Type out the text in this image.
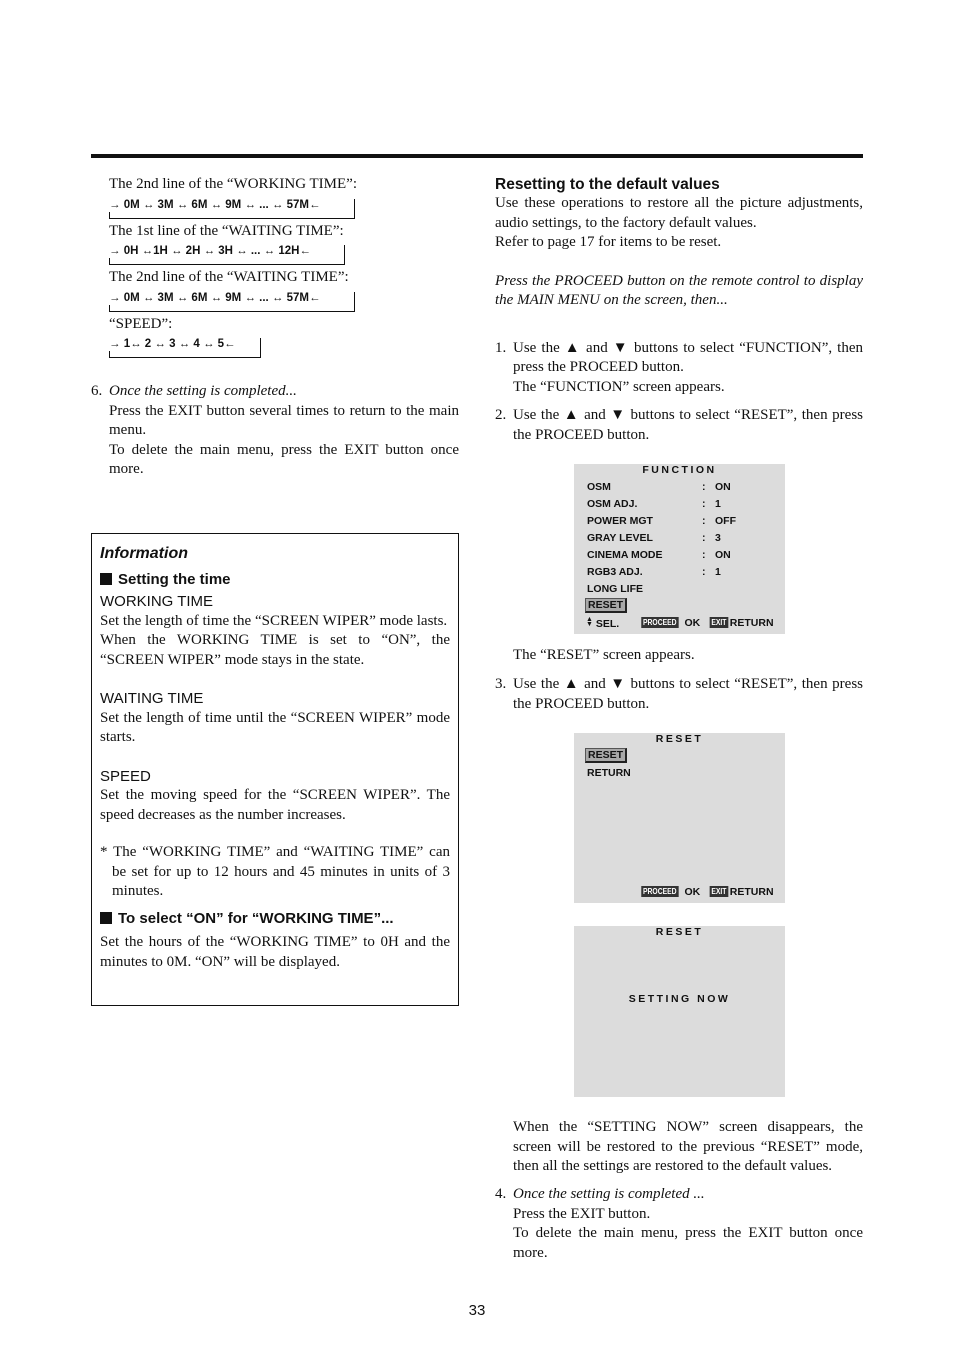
The 2nd line of the “WORKING TIME”:
→ 0M ↔ 3M ↔ 6M ↔ 9M ↔ ... ↔ 57M←
The 1st line of the “WAITING TIME”:
→ 0H ↔1H ↔ 2H ↔ 3H ↔ ... ↔ 12H←
The 2nd line of the “WAITING TIME”:
→ 0M ↔ 3M ↔ 6M ↔ 9M ↔ ... ↔ 57M←
“SPEED”:
→ 1↔ 2 ↔ 3 ↔ 4 ↔ 5←
6. Once the setting is completed...
Press the EXIT button several times to return to the main menu.
To delete the main menu, press the EXIT button once more.
Information
Setting the time
WORKING TIME
Set the length of time the “SCREEN WIPER” mode lasts.
When the WORKING TIME is set to “ON”, the “SCREEN WIPER” mode stays in the state.
WAITING TIME
Set the length of time until the “SCREEN WIPER” mode starts.
SPEED
Set the moving speed for the “SCREEN WIPER”. The speed decreases as the number increases.
* The “WORKING TIME” and “WAITING TIME” can be set for up to 12 hours and 45 minutes in units of 3 minutes.
To select “ON” for “WORKING TIME”...
Set the hours of the “WORKING TIME” to 0H and the minutes to 0M. “ON” will be displayed.
Resetting to the default values
Use these operations to restore all the picture adjustments, audio settings, to the factory default values.
Refer to page 17 for items to be reset.
Press the PROCEED button on the remote control to display the MAIN MENU on the screen, then...
1. Use the ▲ and ▼ buttons to select “FUNCTION”, then press the PROCEED button.
The “FUNCTION” screen appears.
2. Use the ▲ and ▼ buttons to select “RESET”, then press the PROCEED button.
The “RESET” screen appears.
3. Use the ▲ and ▼ buttons to select “RESET”, then press the PROCEED button.
When the “SETTING NOW” screen disappears, the screen will be restored to the previous “RESET” mode, then all the settings are restored to the default values.
4. Once the setting is completed ...
Press the EXIT button.
To delete the main menu, press the EXIT button once more.
FUNCTION
OSM	: ON
OSM ADJ.	: 1
POWER MGT	: OFF
GRAY LEVEL	: 3
CINEMA MODE	: ON
RGB3 ADJ.	: 1
LONG LIFE
RESET
▲
▼ SEL.	PROCEED OK	EXIT RETURN
RESET
RESET
RETURN
PROCEED OK	EXIT RETURN
RESET
SETTING NOW
33
